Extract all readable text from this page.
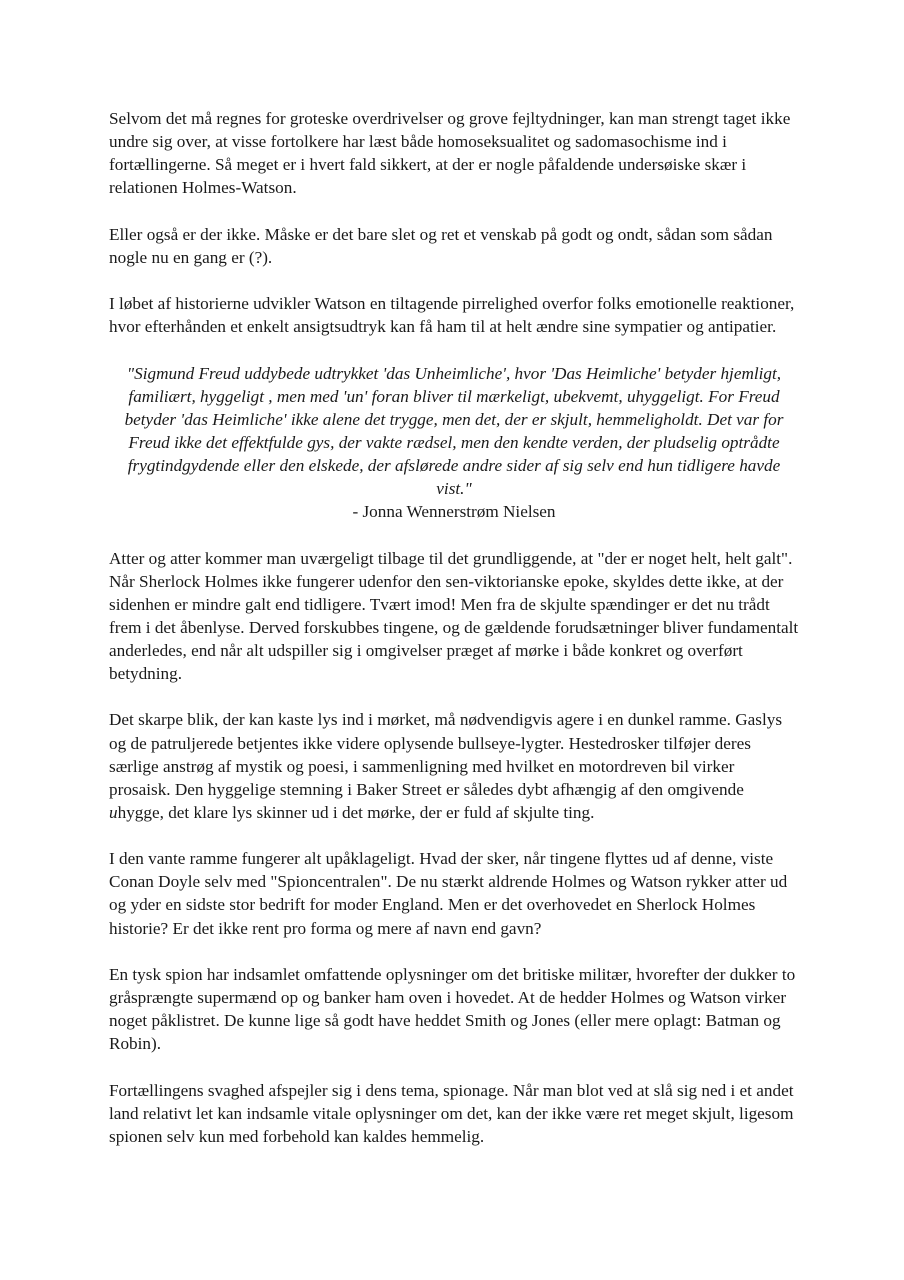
Selvom det må regnes for groteske overdrivelser og grove fejltydninger, kan man strengt taget ikke undre sig over, at visse fortolkere har læst både homoseksualitet og sadomasochisme ind i fortællingerne. Så meget er i hvert fald sikkert, at der er nogle påfaldende undersøiske skær i relationen Holmes-Watson.

Eller også er der ikke. Måske er det bare slet og ret et venskab på godt og ondt, sådan som sådan nogle nu en gang er (?).

I løbet af historierne udvikler Watson en tiltagende pirrelighed overfor folks emotionelle reaktioner, hvor efterhånden et enkelt ansigtsudtryk kan få ham til at helt ændre sine sympatier og antipatier.

"Sigmund Freud uddybede udtrykket 'das Unheimliche', hvor 'Das Heimliche' betyder hjemligt, familiært, hyggeligt , men med 'un' foran bliver til mærkeligt, ubekvemt, uhyggeligt. For Freud betyder 'das Heimliche' ikke alene det trygge, men det, der er skjult, hemmeligholdt. Det var for Freud ikke det effektfulde gys, der vakte rædsel, men den kendte verden, der pludselig optrådte frygtindgydende eller den elskede, der afslørede andre sider af sig selv end hun tidligere havde vist."

- Jonna Wennerstrøm Nielsen

Atter og atter kommer man uværgeligt tilbage til det grundliggende, at "der er noget helt, helt galt". Når Sherlock Holmes ikke fungerer udenfor den sen-viktorianske epoke, skyldes dette ikke, at der sidenhen er mindre galt end tidligere. Tvært imod! Men fra de skjulte spændinger er det nu trådt frem i det åbenlyse. Derved forskubbes tingene, og de gældende forudsætninger bliver fundamentalt anderledes, end når alt udspiller sig i omgivelser præget af mørke i både konkret og overført betydning.

Det skarpe blik, der kan kaste lys ind i mørket, må nødvendigvis agere i en dunkel ramme. Gaslys og de patruljerede betjentes ikke videre oplysende bullseye-lygter. Hestedrosker tilføjer deres særlige anstrøg af mystik og poesi, i sammenligning med hvilket en motordreven bil virker prosaisk. Den hyggelige stemning i Baker Street er således dybt afhængig af den omgivende uhygge, det klare lys skinner ud i det mørke, der er fuld af skjulte ting.

I den vante ramme fungerer alt upåklageligt. Hvad der sker, når tingene flyttes ud af denne, viste Conan Doyle selv med "Spioncentralen". De nu stærkt aldrende Holmes og Watson rykker atter ud og yder en sidste stor bedrift for moder England. Men er det overhovedet en Sherlock Holmes historie? Er det ikke rent pro forma og mere af navn end gavn?

En tysk spion har indsamlet omfattende oplysninger om det britiske militær, hvorefter der dukker to gråsprængte supermænd op og banker ham oven i hovedet. At de hedder Holmes og Watson virker noget påklistret. De kunne lige så godt have heddet Smith og Jones (eller mere oplagt: Batman og Robin).

Fortællingens svaghed afspejler sig i dens tema, spionage. Når man blot ved at slå sig ned i et andet land relativt let kan indsamle vitale oplysninger om det, kan der ikke være ret meget skjult, ligesom spionen selv kun med forbehold kan kaldes hemmelig.
